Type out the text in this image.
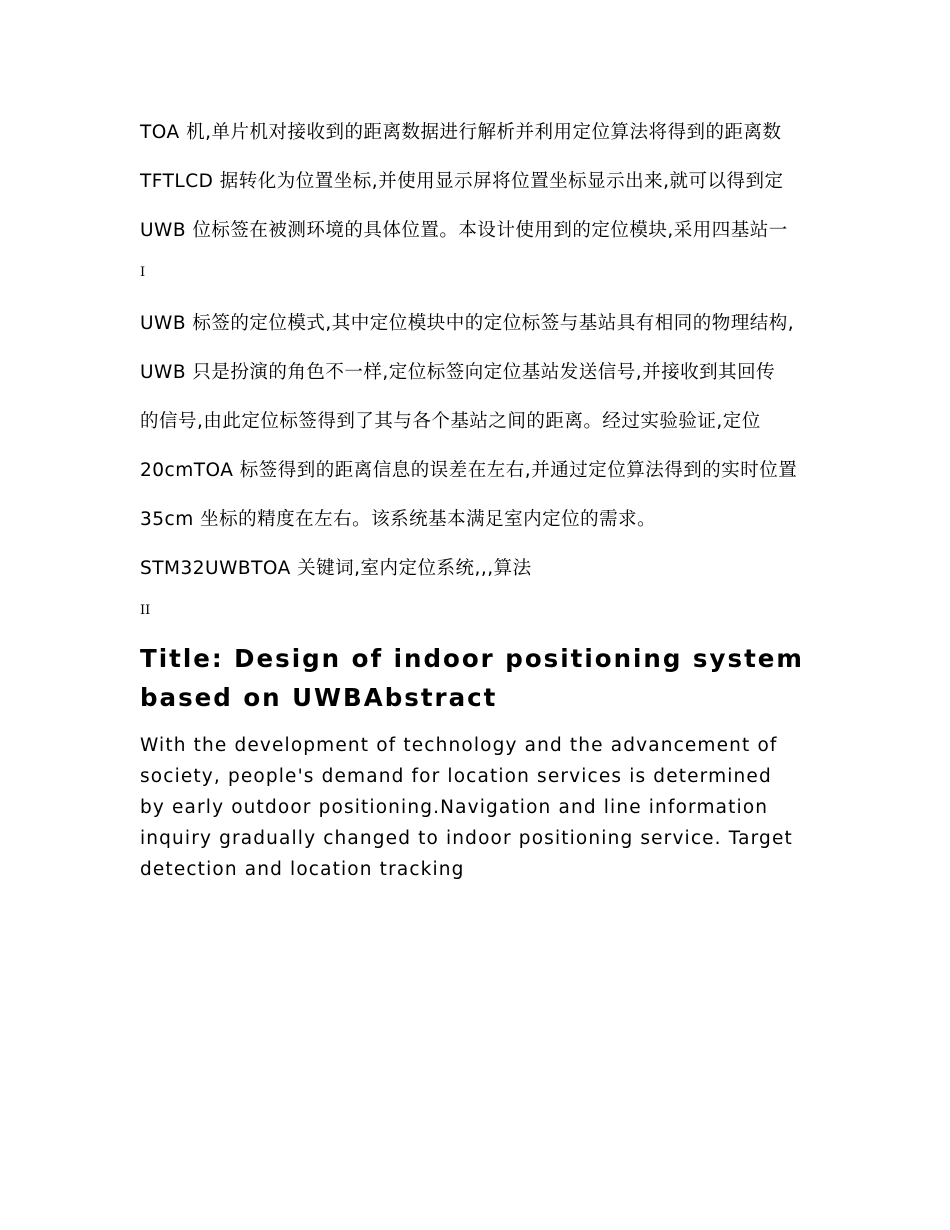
TOA 机,单片机对接收到的距离数据进行解析并利用定位算法将得到的距离数

TFTLCD 据转化为位置坐标,并使用显示屏将位置坐标显示出来,就可以得到定

UWB 位标签在被测环境的具体位置。本设计使用到的定位模块,采用四基站一

I

UWB 标签的定位模式,其中定位模块中的定位标签与基站具有相同的物理结构,

UWB 只是扮演的角色不一样,定位标签向定位基站发送信号,并接收到其回传

的信号,由此定位标签得到了其与各个基站之间的距离。经过实验验证,定位

20cmTOA 标签得到的距离信息的误差在左右,并通过定位算法得到的实时位置

35cm 坐标的精度在左右。该系统基本满足室内定位的需求。

STM32UWBTOA 关键词,室内定位系统,,,算法

II

Title: Design of indoor positioning system based on UWBAbstract

With the development of technology and the advancement of society, people's demand for location services is determined by early outdoor positioning.Navigation and line information inquiry gradually changed to indoor positioning service. Target detection and location tracking
